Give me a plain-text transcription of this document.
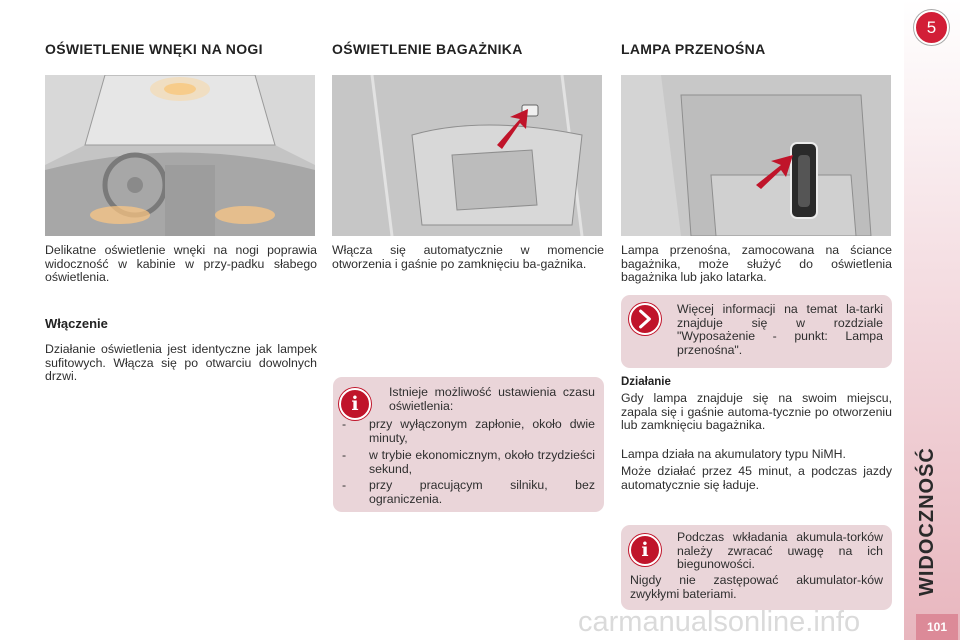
5
WIDOCZNOŚĆ
101
OŚWIETLENIE WNĘKI NA NOGI
Delikatne oświetlenie wnęki na nogi poprawia widoczność w kabinie w przy-padku słabego oświetlenia.
Włączenie
Działanie oświetlenia jest identyczne jak lampek sufitowych. Włącza się po otwarciu dowolnych drzwi.
OŚWIETLENIE BAGAŻNIKA
Włącza się automatycznie w momencie otworzenia i gaśnie po zamknięciu ba-gażnika.
i
Istnieje możliwość ustawienia czasu oświetlenia:
- przy wyłączonym zapłonie, około dwie minuty,
- w trybie ekonomicznym, około trzydzieści sekund,
- przy pracującym silniku, bez ograniczenia.
LAMPA PRZENOŚNA
Lampa przenośna, zamocowana na ściance bagażnika, może służyć do oświetlenia bagażnika lub jako latarka.
Więcej informacji na temat la-tarki znajduje się w rozdziale "Wyposażenie - punkt: Lampa przenośna".
Działanie
Gdy lampa znajduje się na swoim miejscu, zapala się i gaśnie automa-tycznie po otworzeniu lub zamknięciu bagażnika.
Lampa działa na akumulatory typu NiMH.
Może działać przez 45 minut, a podczas jazdy automatycznie się ładuje.
i
Podczas wkładania akumula-torków należy zwracać uwagę na ich biegunowości.
Nigdy nie zastępować akumulator-ków zwykłymi bateriami.
carmanualsonline.info
